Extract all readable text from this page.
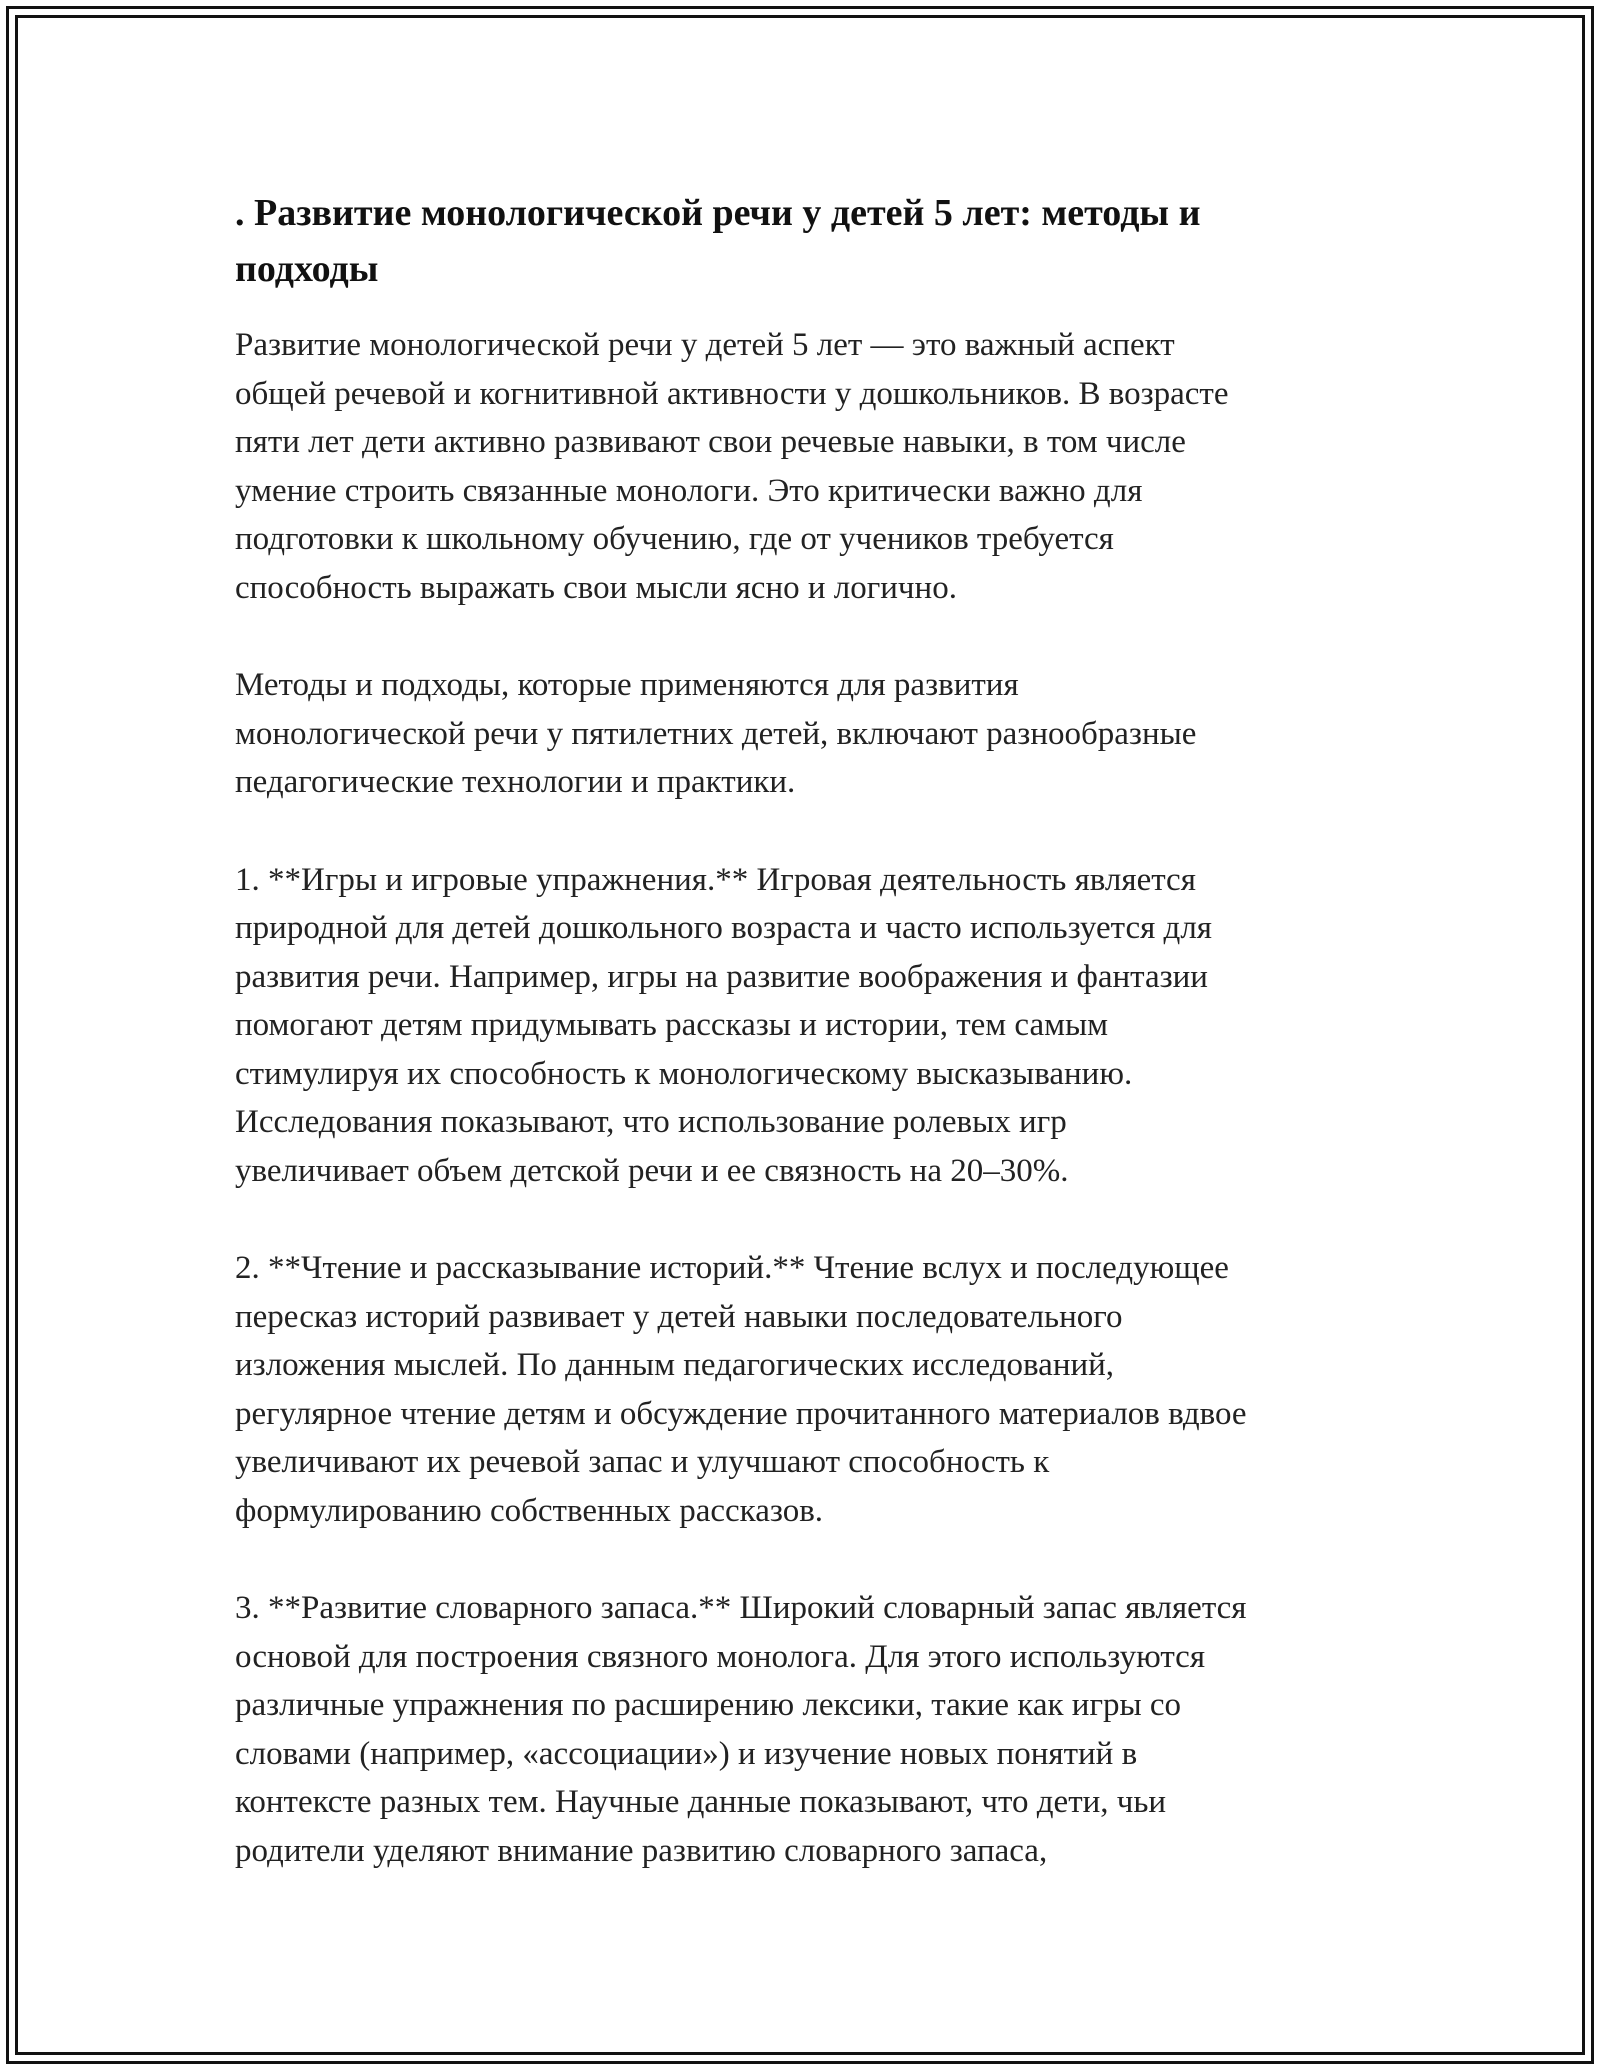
. Развитие монологической речи у детей 5 лет: методы и
подходы

Развитие монологической речи у детей 5 лет — это важный аспект
общей речевой и когнитивной активности у дошкольников. В возрасте
пяти лет дети активно развивают свои речевые навыки, в том числе
умение строить связанные монологи. Это критически важно для
подготовки к школьному обучению, где от учеников требуется
способность выражать свои мысли ясно и логично.

Методы и подходы, которые применяются для развития
монологической речи у пятилетних детей, включают разнообразные
педагогические технологии и практики.

1. **Игры и игровые упражнения.** Игровая деятельность является
природной для детей дошкольного возраста и часто используется для
развития речи. Например, игры на развитие воображения и фантазии
помогают детям придумывать рассказы и истории, тем самым
стимулируя их способность к монологическому высказыванию.
Исследования показывают, что использование ролевых игр
увеличивает объем детской речи и ее связность на 20–30%.

2. **Чтение и рассказывание историй.** Чтение вслух и последующее
пересказ историй развивает у детей навыки последовательного
изложения мыслей. По данным педагогических исследований,
регулярное чтение детям и обсуждение прочитанного материалов вдвое
увеличивают их речевой запас и улучшают способность к
формулированию собственных рассказов.

3. **Развитие словарного запаса.** Широкий словарный запас является
основой для построения связного монолога. Для этого используются
различные упражнения по расширению лексики, такие как игры со
словами (например, «ассоциации») и изучение новых понятий в
контексте разных тем. Научные данные показывают, что дети, чьи
родители уделяют внимание развитию словарного запаса,
